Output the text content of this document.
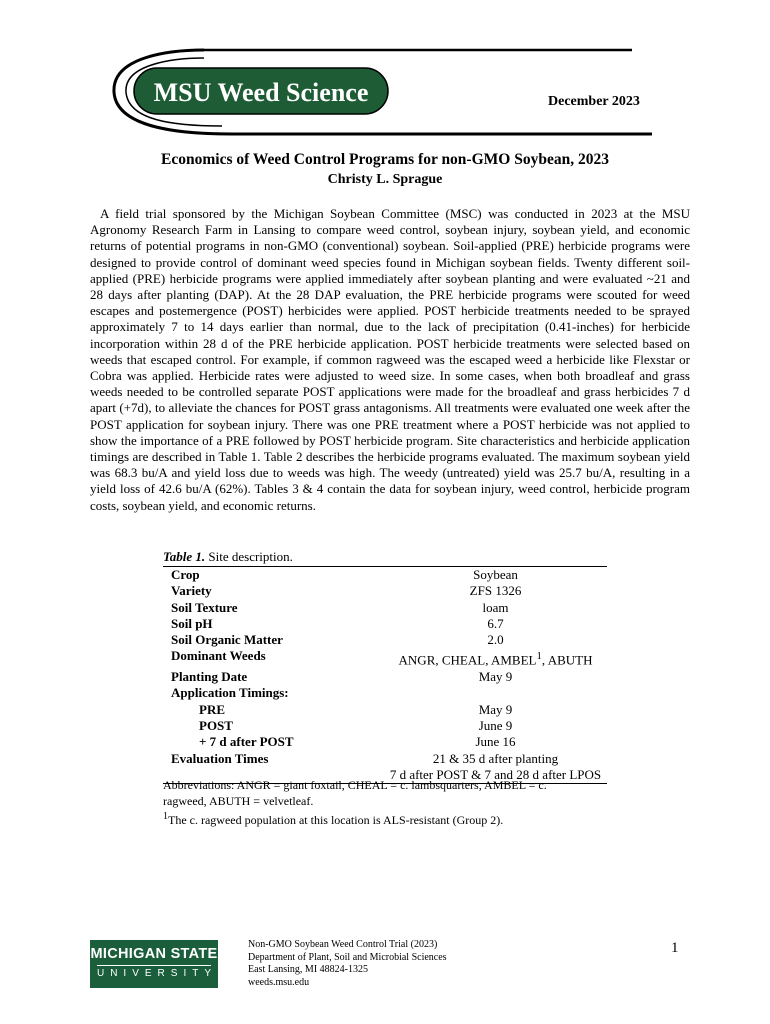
MSU Weed Science	December 2023
Economics of Weed Control Programs for non-GMO Soybean, 2023
Christy L. Sprague

A field trial sponsored by the Michigan Soybean Committee (MSC) was conducted in 2023 at the MSU Agronomy Research Farm in Lansing to compare weed control, soybean injury, soybean yield, and economic returns of potential programs in non-GMO (conventional) soybean. Soil-applied (PRE) herbicide programs were designed to provide control of dominant weed species found in Michigan soybean fields. Twenty different soil-applied (PRE) herbicide programs were applied immediately after soybean planting and were evaluated ~21 and 28 days after planting (DAP). At the 28 DAP evaluation, the PRE herbicide programs were scouted for weed escapes and postemergence (POST) herbicides were applied. POST herbicide treatments needed to be sprayed approximately 7 to 14 days earlier than normal, due to the lack of precipitation (0.41-inches) for herbicide incorporation within 28 d of the PRE herbicide application. POST herbicide treatments were selected based on weeds that escaped control. For example, if common ragweed was the escaped weed a herbicide like Flexstar or Cobra was applied. Herbicide rates were adjusted to weed size. In some cases, when both broadleaf and grass weeds needed to be controlled separate POST applications were made for the broadleaf and grass herbicides 7 d apart (+7d), to alleviate the chances for POST grass antagonisms. All treatments were evaluated one week after the POST application for soybean injury. There was one PRE treatment where a POST herbicide was not applied to show the importance of a PRE followed by POST herbicide program. Site characteristics and herbicide application timings are described in Table 1. Table 2 describes the herbicide programs evaluated. The maximum soybean yield was 68.3 bu/A and yield loss due to weeds was high. The weedy (untreated) yield was 25.7 bu/A, resulting in a yield loss of 42.6 bu/A (62%). Tables 3 & 4 contain the data for soybean injury, weed control, herbicide program costs, soybean yield, and economic returns.

Table 1. Site description.
Crop	Soybean
Variety	ZFS 1326
Soil Texture	loam
Soil pH	6.7
Soil Organic Matter	2.0
Dominant Weeds	ANGR, CHEAL, AMBEL$^1$, ABUTH
Planting Date	May 9
Application Timings:	
PRE	May 9
POST	June 9
+ 7 d after POST	June 16
Evaluation Times	21 & 35 d after planting
	7 d after POST & 7 and 28 d after LPOS
Abbreviations: ANGR = giant foxtail, CHEAL = c. lambsquarters, AMBEL = c. ragweed, ABUTH = velvetleaf.
$^1$The c. ragweed population at this location is ALS-resistant (Group 2).
MICHIGAN STATE
UNIVERSITY
Non-GMO Soybean Weed Control Trial (2023)
Department of Plant, Soil and Microbial Sciences
East Lansing, MI 48824-1325
weeds.msu.edu
1
